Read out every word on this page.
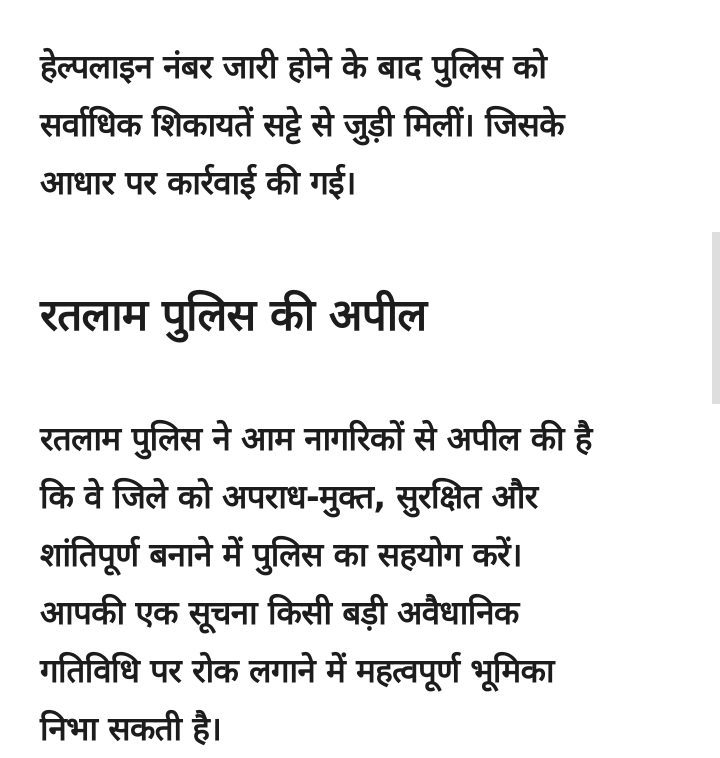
हेल्पलाइन नंबर जारी होने के बाद पुलिस को
सर्वाधिक शिकायतें सट्टे से जुड़ी मिलीं। जिसके
आधार पर कार्रवाई की गई।

रतलाम पुलिस की अपील

रतलाम पुलिस ने आम नागरिकों से अपील की है
कि वे जिले को अपराध-मुक्त, सुरक्षित और
शांतिपूर्ण बनाने में पुलिस का सहयोग करें।
आपकी एक सूचना किसी बड़ी अवैधानिक
गतिविधि पर रोक लगाने में महत्वपूर्ण भूमिका
निभा सकती है।
